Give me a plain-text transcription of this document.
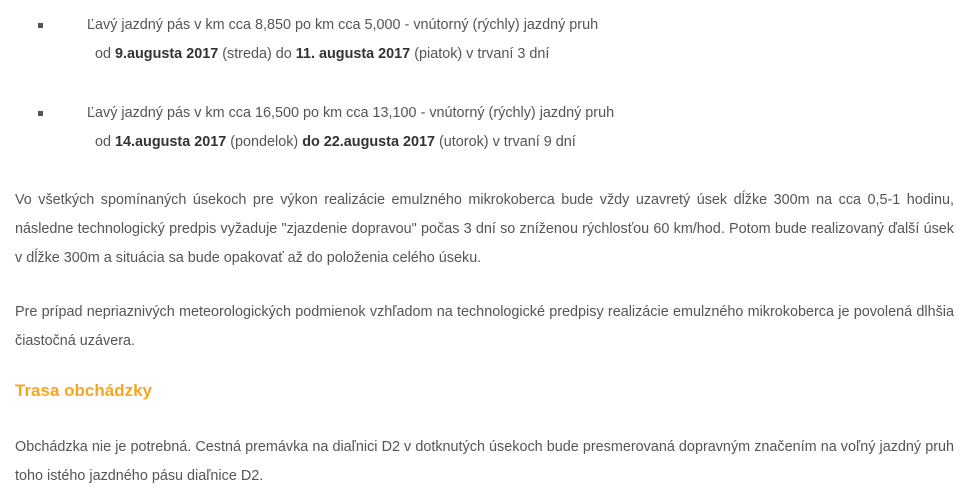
Ľavý jazdný pás v km cca 8,850 po km cca 5,000 - vnútorný (rýchly) jazdný pruh
od 9.augusta 2017 (streda) do 11. augusta 2017 (piatok) v trvaní 3 dní
Ľavý jazdný pás v km cca 16,500 po km cca 13,100 - vnútorný (rýchly) jazdný pruh
od 14.augusta 2017 (pondelok) do 22.augusta 2017 (utorok) v trvaní 9 dní

Vo všetkých spomínaných úsekoch pre výkon realizácie emulzného mikrokoberca bude vždy uzavretý úsek dĺžke 300m na cca 0,5-1 hodinu, následne technologický predpis vyžaduje "zjazdenie dopravou" počas 3 dní so zníženou rýchlosťou 60 km/hod. Potom bude realizovaný ďalší úsek v dĺžke 300m a situácia sa bude opakovať až do položenia celého úseku.

Pre prípad nepriaznivých meteorologických podmienok vzhľadom na technologické predpisy realizácie emulzného mikrokoberca je povolená dlhšia čiastočná uzávera.

Trasa obchádzky

Obchádzka nie je potrebná. Cestná premávka na diaľnici D2 v dotknutých úsekoch bude presmerovaná dopravným značením na voľný jazdný pruh toho istého jazdného pásu diaľnice D2.
